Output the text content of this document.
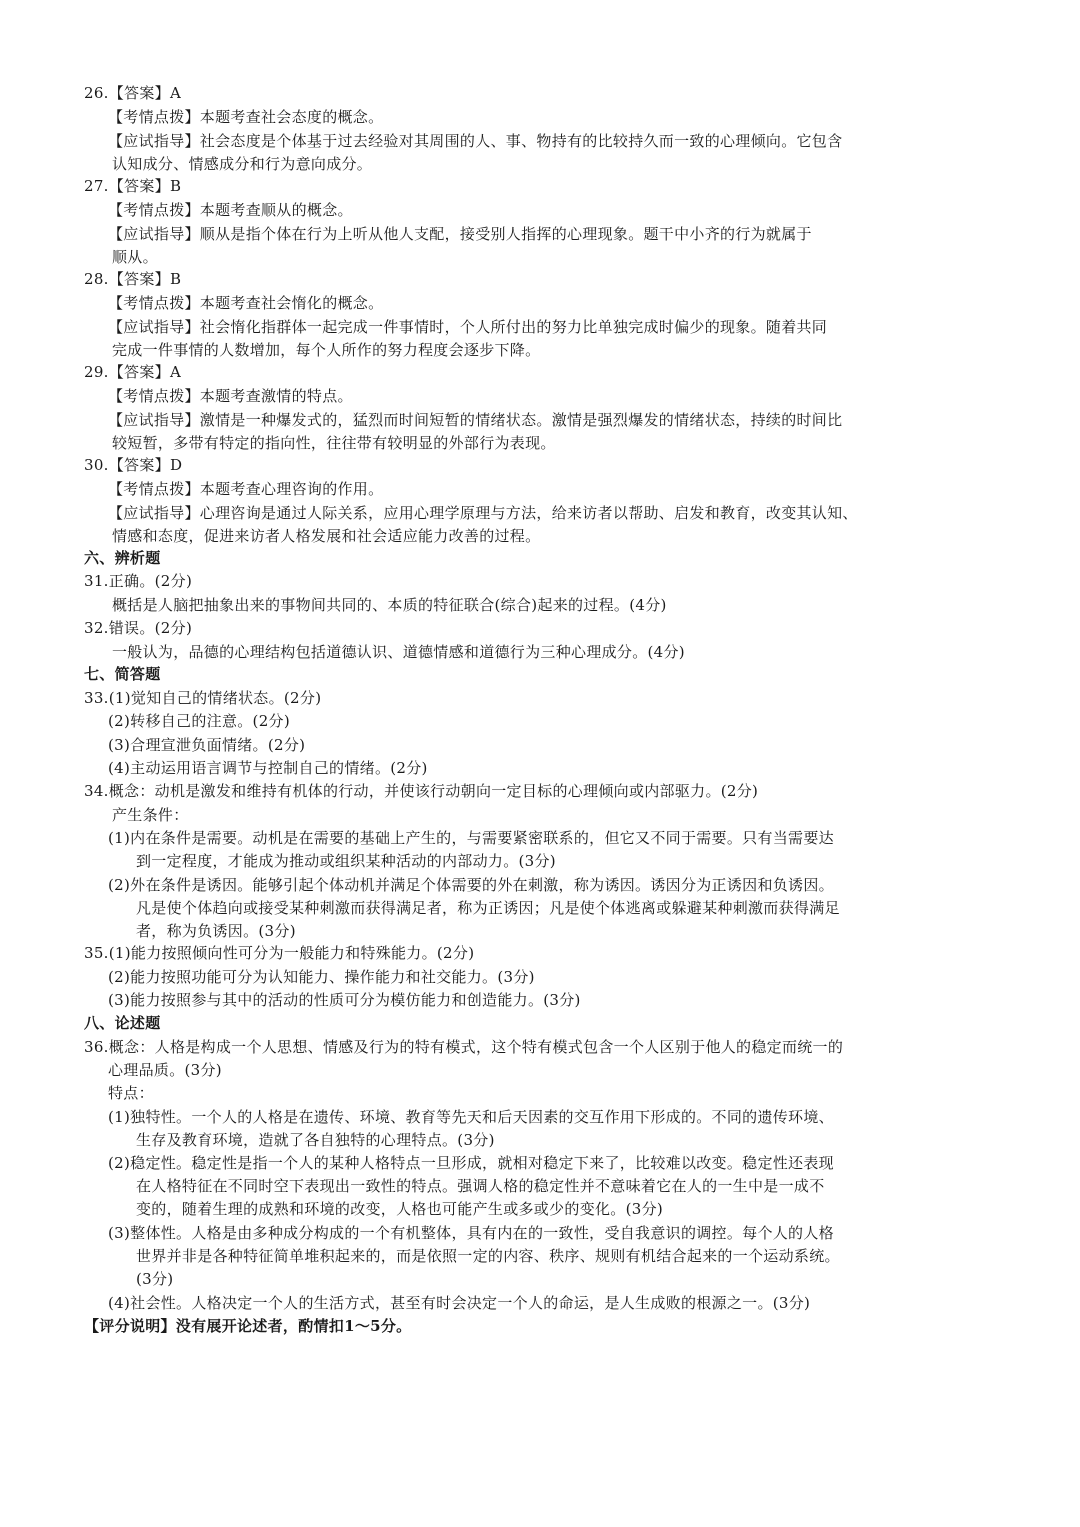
26.【答案】A
【考情点拨】本题考查社会态度的概念。
【应试指导】社会态度是个体基于过去经验对其周围的人、事、物持有的比较持久而一致的心理倾向。它包含
认知成分、情感成分和行为意向成分。
27.【答案】B
【考情点拨】本题考查顺从的概念。
【应试指导】顺从是指个体在行为上听从他人支配，接受别人指挥的心理现象。题干中小齐的行为就属于
顺从。
28.【答案】B
【考情点拨】本题考查社会惰化的概念。
【应试指导】社会惰化指群体一起完成一件事情时，个人所付出的努力比单独完成时偏少的现象。随着共同
完成一件事情的人数增加，每个人所作的努力程度会逐步下降。
29.【答案】A
【考情点拨】本题考查激情的特点。
【应试指导】激情是一种爆发式的，猛烈而时间短暂的情绪状态。激情是强烈爆发的情绪状态，持续的时间比
较短暂，多带有特定的指向性，往往带有较明显的外部行为表现。
30.【答案】D
【考情点拨】本题考查心理咨询的作用。
【应试指导】心理咨询是通过人际关系，应用心理学原理与方法，给来访者以帮助、启发和教育，改变其认知、
情感和态度，促进来访者人格发展和社会适应能力改善的过程。
六、辨析题
31.正确。(2分)
概括是人脑把抽象出来的事物间共同的、本质的特征联合(综合)起来的过程。(4分)
32.错误。(2分)
一般认为，品德的心理结构包括道德认识、道德情感和道德行为三种心理成分。(4分)
七、简答题
33.(1)觉知自己的情绪状态。(2分)
(2)转移自己的注意。(2分)
(3)合理宣泄负面情绪。(2分)
(4)主动运用语言调节与控制自己的情绪。(2分)
34.概念：动机是激发和维持有机体的行动，并使该行动朝向一定目标的心理倾向或内部驱力。(2分)
产生条件：
(1)内在条件是需要。动机是在需要的基础上产生的，与需要紧密联系的，但它又不同于需要。只有当需要达
到一定程度，才能成为推动或组织某种活动的内部动力。(3分)
(2)外在条件是诱因。能够引起个体动机并满足个体需要的外在刺激，称为诱因。诱因分为正诱因和负诱因。
凡是使个体趋向或接受某种刺激而获得满足者，称为正诱因；凡是使个体逃离或躲避某种刺激而获得满足
者，称为负诱因。(3分)
35.(1)能力按照倾向性可分为一般能力和特殊能力。(2分)
(2)能力按照功能可分为认知能力、操作能力和社交能力。(3分)
(3)能力按照参与其中的活动的性质可分为模仿能力和创造能力。(3分)
八、论述题
36.概念：人格是构成一个人思想、情感及行为的特有模式，这个特有模式包含一个人区别于他人的稳定而统一的
心理品质。(3分)
特点：
(1)独特性。一个人的人格是在遗传、环境、教育等先天和后天因素的交互作用下形成的。不同的遗传环境、
生存及教育环境，造就了各自独特的心理特点。(3分)
(2)稳定性。稳定性是指一个人的某种人格特点一旦形成，就相对稳定下来了，比较难以改变。稳定性还表现
在人格特征在不同时空下表现出一致性的特点。强调人格的稳定性并不意味着它在人的一生中是一成不
变的，随着生理的成熟和环境的改变，人格也可能产生或多或少的变化。(3分)
(3)整体性。人格是由多种成分构成的一个有机整体，具有内在的一致性，受自我意识的调控。每个人的人格
世界并非是各种特征简单堆积起来的，而是依照一定的内容、秩序、规则有机结合起来的一个运动系统。
(3分)
(4)社会性。人格决定一个人的生活方式，甚至有时会决定一个人的命运，是人生成败的根源之一。(3分)
【评分说明】没有展开论述者，酌情扣1～5分。
